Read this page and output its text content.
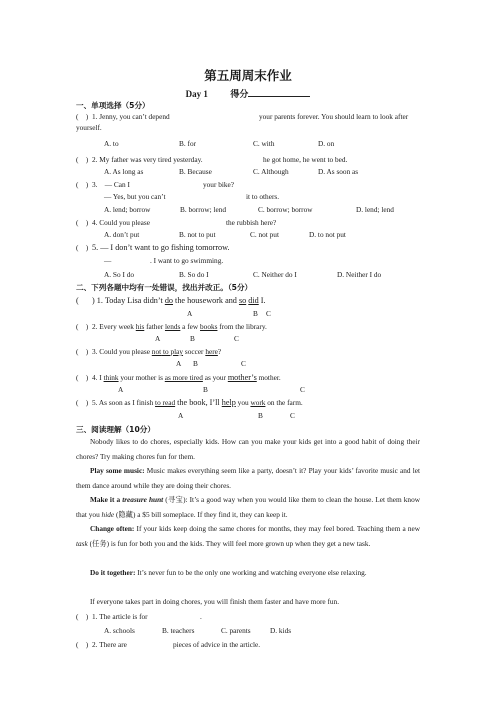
第五周周末作业
Day 1	得分
一、单项选择（5分）
(　) 1. Jenny, you can’t depend	your parents forever. You should learn to look after
yourself.
A. to	B. for	C. with	D. on
(　) 2. My father was very tired yesterday.	he got home, he went to bed.
A. As long as	B. Because	C. Although	D. As soon as
(　) 3.　— Can I	your bike?
— Yes, but you can’t	it to others.
A. lend; borrow	B. borrow; lend	C. borrow; borrow	D. lend; lend
(　) 4. Could you please	the rubbish here?
A. don’t put	B. not to put	C. not put	D. to not put
(　) 5. — I don’t want to go fishing tomorrow.
—	. I want to go swimming.
A. So I do	B. So do I	C. Neither do I	D. Neither I do
二、下列各题中均有一处错误，找出并改正。（5分）
( ) 1. Today Lisa didn’t do the housework and so did I.
A	B C
(　) 2. Every week his father lends a few books from the library.
A	B	C
(　) 3. Could you please not to play soccer here?
A B	C
(　) 4. I think your mother is as more tired as your mother’s mother.
A	B	C
(　) 5. As soon as I finish to read the book, I’ll help you work on the farm.
A	B	C
三、阅读理解（10分）
Nobody likes to do chores, especially kids. How can you make your kids get into a good habit of doing their chores? Try making chores fun for them.
Play some music: Music makes everything seem like a party, doesn’t it? Play your kids’ favorite music and let them dance around while they are doing their chores.
Make it a treasure hunt (寻宝): It’s a good way when you would like them to clean the house. Let them know that you hide (隐藏) a $5 bill someplace. If they find it, they can keep it.
Change often: If your kids keep doing the same chores for months, they may feel bored. Teaching them a new task (任务) is fun for both you and the kids. They will feel more grown up when they get a new task.
Do it together: It’s never fun to be the only one working and watching everyone else relaxing.
If everyone takes part in doing chores, you will finish them faster and have more fun.
(　) 1. The article is for	.
A. schools	B. teachers	C. parents	D. kids
(　) 2. There are	pieces of advice in the article.
